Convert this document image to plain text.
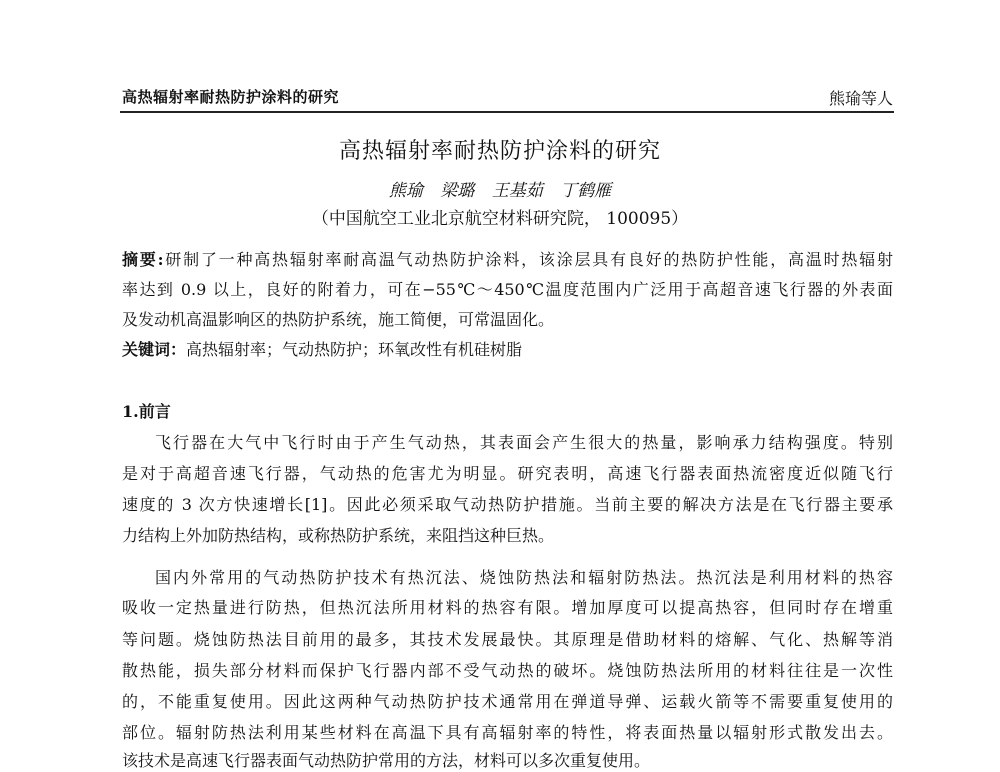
高热辐射率耐热防护涂料的研究	熊瑜等人
高热辐射率耐热防护涂料的研究
熊瑜 梁璐 王基茹 丁鹤雁
（中国航空工业北京航空材料研究院， 100095）
摘要:研制了一种高热辐射率耐高温气动热防护涂料，该涂层具有良好的热防护性能，高温时热辐射
率达到 0.9 以上，良好的附着力，可在−55℃～450℃温度范围内广泛用于高超音速飞行器的外表面
及发动机高温影响区的热防护系统，施工简便，可常温固化。
关键词：高热辐射率；气动热防护；环氧改性有机硅树脂
1.前言
飞行器在大气中飞行时由于产生气动热，其表面会产生很大的热量，影响承力结构强度。特别
是对于高超音速飞行器，气动热的危害尤为明显。研究表明，高速飞行器表面热流密度近似随飞行
速度的 3 次方快速增长[1]。因此必须采取气动热防护措施。当前主要的解决方法是在飞行器主要承
力结构上外加防热结构，或称热防护系统，来阻挡这种巨热。
国内外常用的气动热防护技术有热沉法、烧蚀防热法和辐射防热法。热沉法是利用材料的热容
吸收一定热量进行防热，但热沉法所用材料的热容有限。增加厚度可以提高热容，但同时存在增重
等问题。烧蚀防热法目前用的最多，其技术发展最快。其原理是借助材料的熔解、气化、热解等消
散热能，损失部分材料而保护飞行器内部不受气动热的破坏。烧蚀防热法所用的材料往往是一次性
的，不能重复使用。因此这两种气动热防护技术通常用在弹道导弹、运载火箭等不需要重复使用的
部位。辐射防热法利用某些材料在高温下具有高辐射率的特性，将表面热量以辐射形式散发出去。
该技术是高速飞行器表面气动热防护常用的方法，材料可以多次重复使用。
